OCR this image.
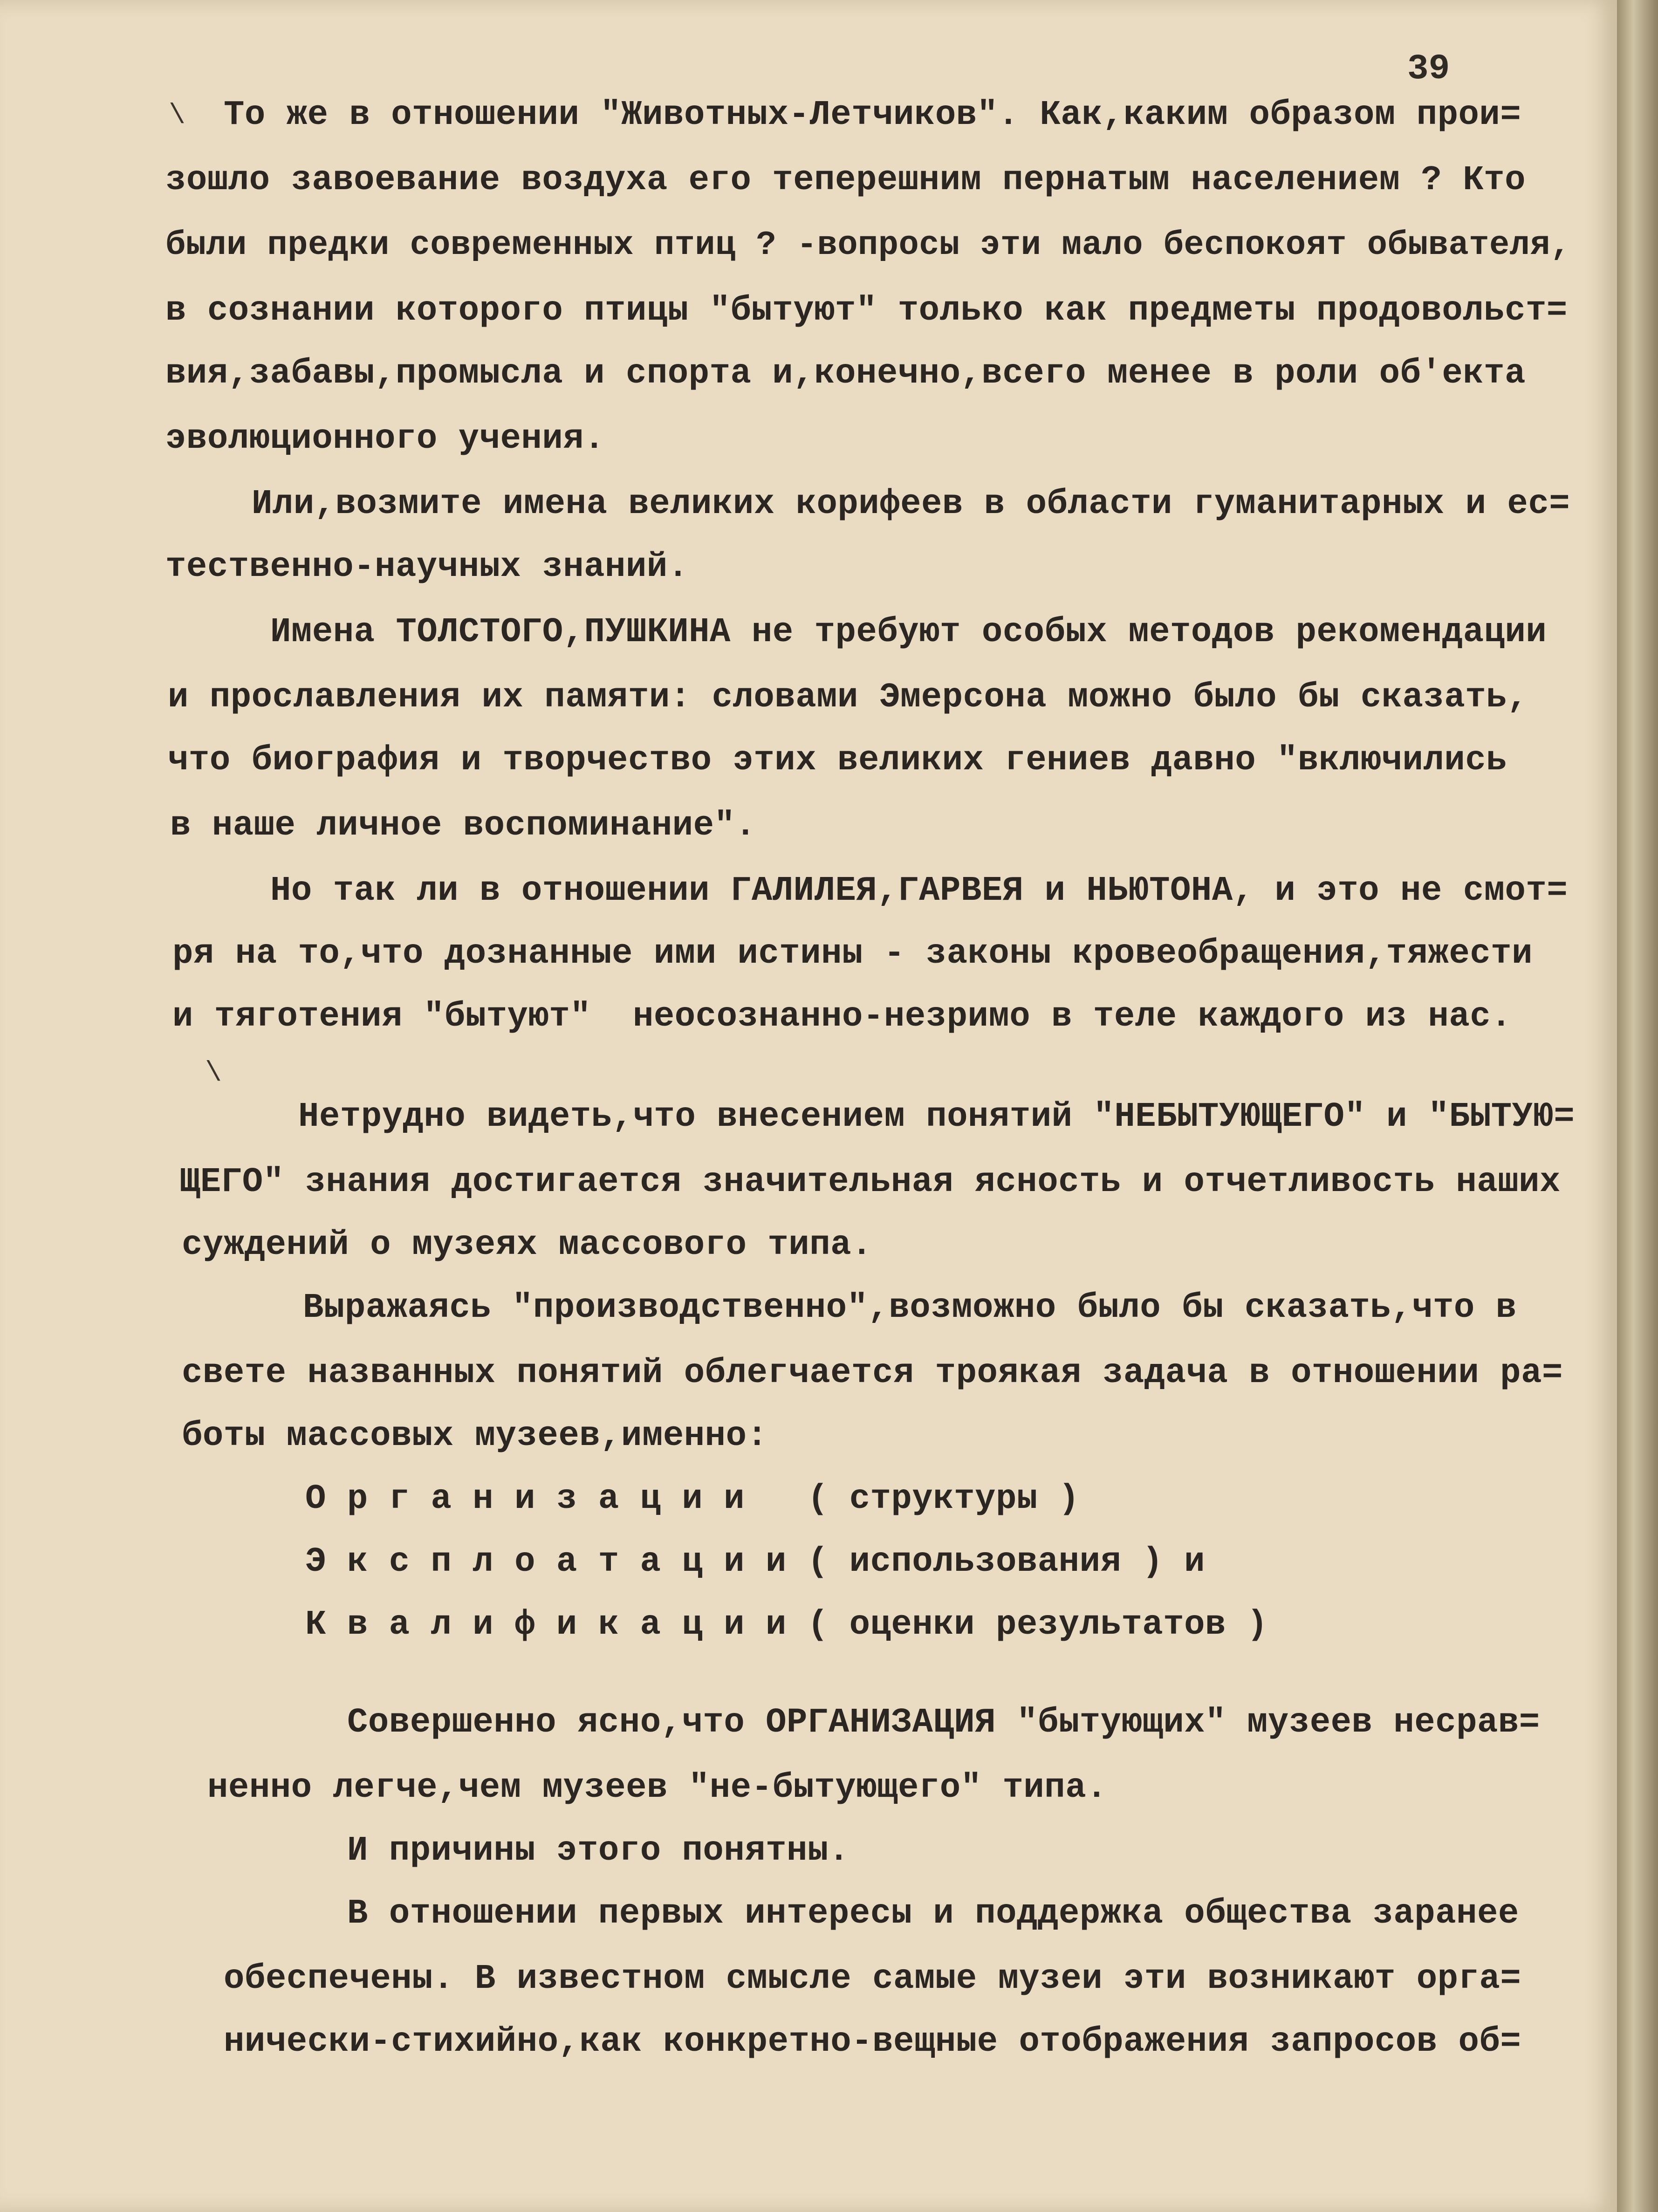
39
\
\
То же в отношении "Животных-Летчиков". Как,каким образом прои=
зошло завоевание воздуха его теперешним пернатым населением ? Кто
были предки современных птиц ? -вопросы эти мало беспокоят обывателя,
в сознании которого птицы "бытуют" только как предметы продовольст=
вия,забавы,промысла и спорта и,конечно,всего менее в роли об'екта
эволюционного учения.
Или,возмите имена великих корифеев в области гуманитарных и ес=
тественно-научных знаний.
Имена ТОЛСТОГО,ПУШКИНА не требуют особых методов рекомендации
и прославления их памяти: словами Эмерсона можно было бы сказать,
что биография и творчество этих великих гениев давно "включились
в наше личное воспоминание".
Но так ли в отношении ГАЛИЛЕЯ,ГАРВЕЯ и НЬЮТОНА, и это не смот=
ря на то,что дознанные ими истины - законы кровеобращения,тяжести
и тяготения "бытуют"  неосознанно-незримо в теле каждого из нас.
Нетрудно видеть,что внесением понятий "НЕБЫТУЮЩЕГО" и "БЫТУЮ=
ЩЕГО" знания достигается значительная ясность и отчетливость наших
суждений о музеях массового типа.
Выражаясь "производственно",возможно было бы сказать,что в
свете названных понятий облегчается троякая задача в отношении ра=
боты массовых музеев,именно:
О р г а н и з а ц и и   ( структуры )
Э к с п л о а т а ц и и ( использования ) и
К в а л и ф и к а ц и и ( оценки результатов )
Совершенно ясно,что ОРГАНИЗАЦИЯ "бытующих" музеев несрав=
ненно легче,чем музеев "не-бытующего" типа.
И причины этого понятны.
В отношении первых интересы и поддержка общества заранее
обеспечены. В известном смысле самые музеи эти возникают орга=
нически-стихийно,как конкретно-вещные отображения запросов об=
